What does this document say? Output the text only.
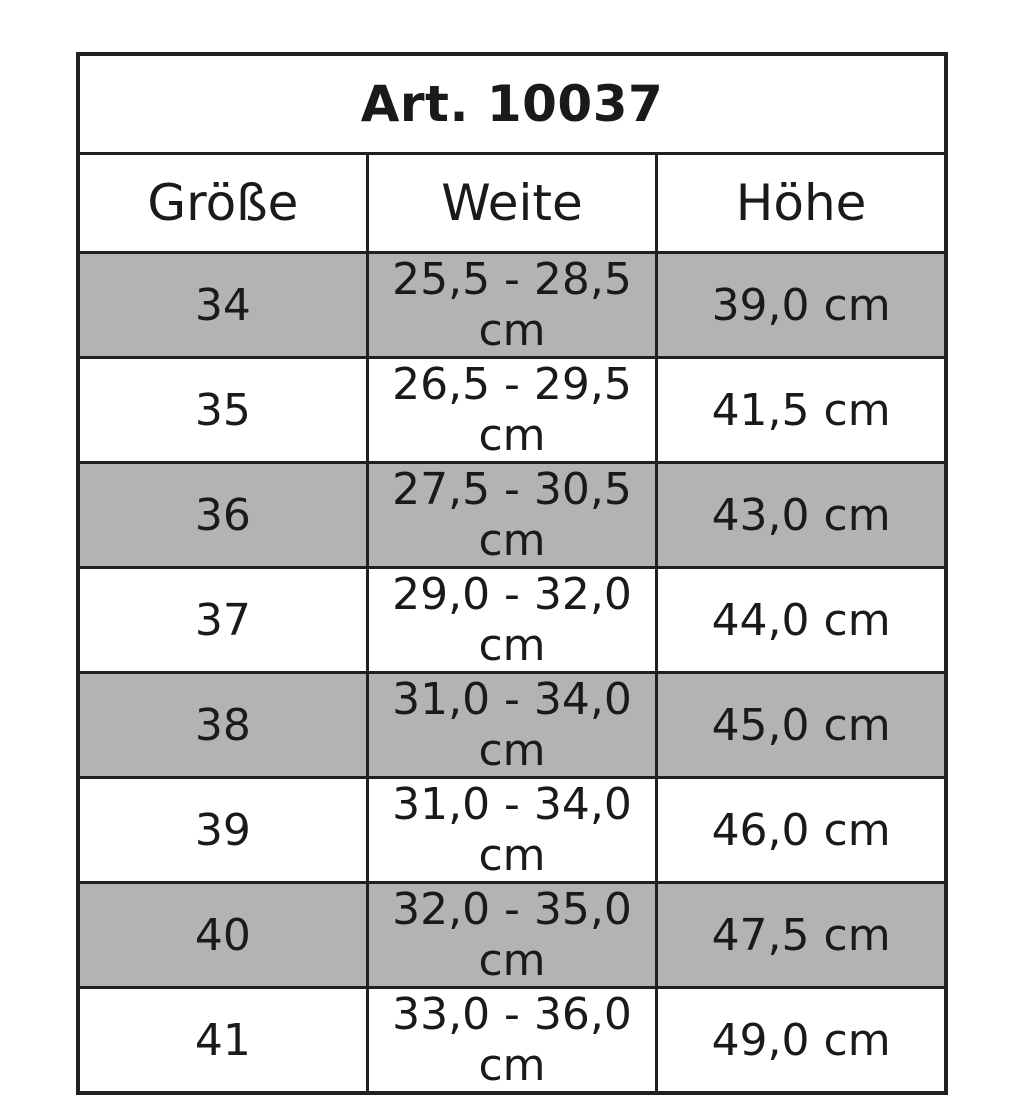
Art. 10037		
Größe	Weite	Höhe
34	25,5 - 28,5 cm	39,0 cm
35	26,5 - 29,5 cm	41,5 cm
36	27,5 - 30,5 cm	43,0 cm
37	29,0 - 32,0 cm	44,0 cm
38	31,0 - 34,0 cm	45,0 cm
39	31,0 - 34,0 cm	46,0 cm
40	32,0 - 35,0 cm	47,5 cm
41	33,0 - 36,0 cm	49,0 cm
